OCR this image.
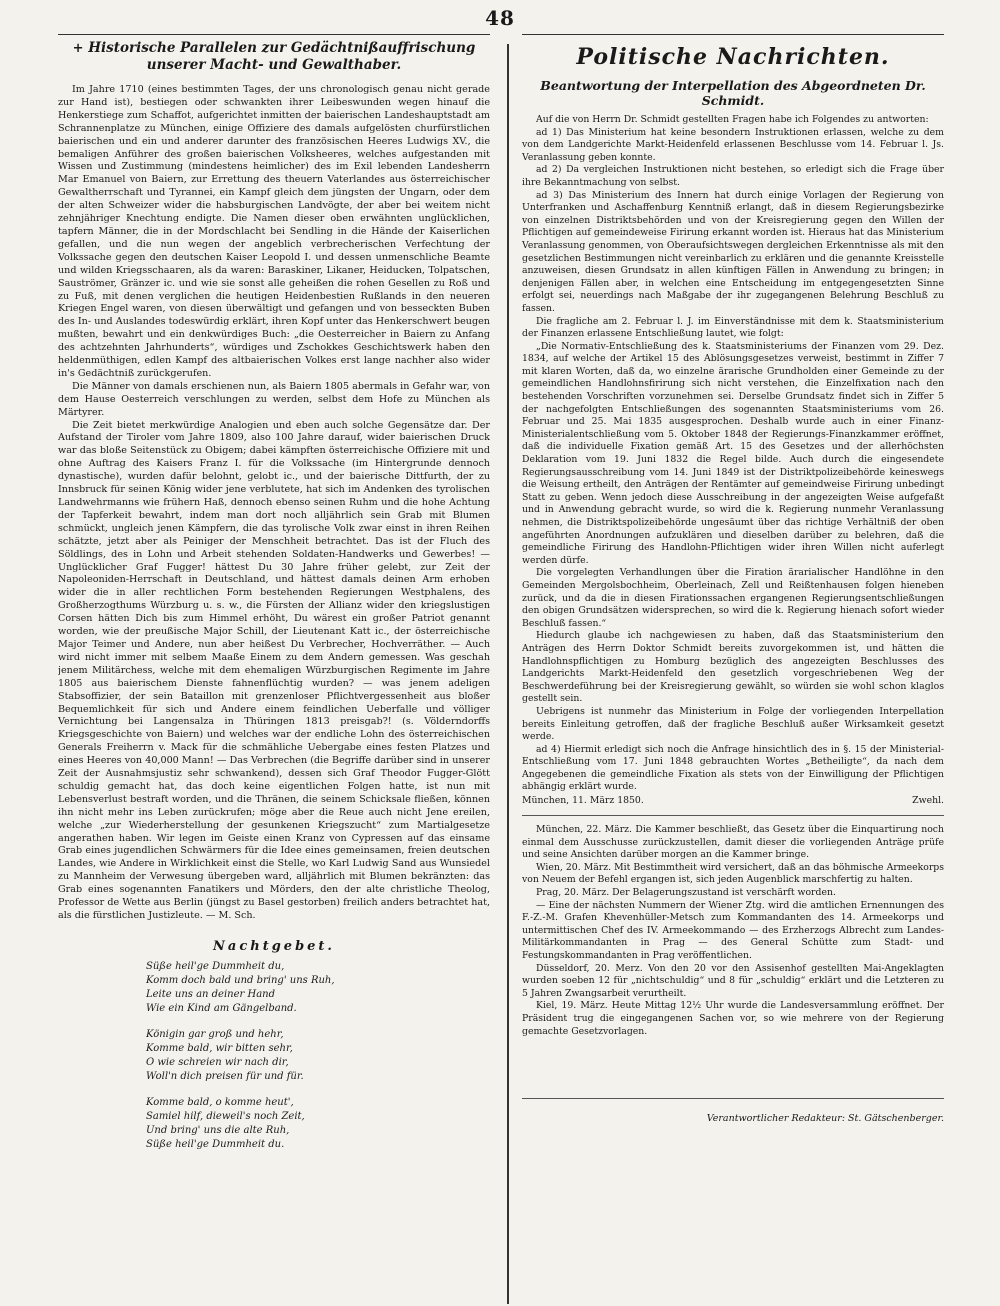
48
+ Historische Parallelen zur Gedächtnißauffrischung unserer Macht- und Gewalthaber.

Im Jahre 1710 (eines bestimmten Tages, der uns chronologisch genau nicht gerade zur Hand ist), bestiegen oder schwankten ihrer Leibeswunden wegen hinauf die Henkerstiege zum Schaffot, aufgerichtet inmitten der baierischen Landeshauptstadt am Schrannenplatze zu München, einige Offiziere des damals aufgelösten churfürstlichen baierischen und ein und anderer darunter des französischen Heeres Ludwigs XV., die bemaligen Anführer des großen baierischen Volksheeres, welches aufgestanden mit Wissen und Zustimmung (mindestens heimlicher) des im Exil lebenden Landesherrn Mar Emanuel von Baiern, zur Errettung des theuern Vaterlandes aus österreichischer Gewaltherrschaft und Tyrannei, ein Kampf gleich dem jüngsten der Ungarn, oder dem der alten Schweizer wider die habsburgischen Landvögte, der aber bei weitem nicht zehnjähriger Knechtung endigte. Die Namen dieser oben erwähnten unglücklichen, tapfern Männer, die in der Mordschlacht bei Sendling in die Hände der Kaiserlichen gefallen, und die nun wegen der angeblich verbrecherischen Verfechtung der Volkssache gegen den deutschen Kaiser Leopold I. und dessen unmenschliche Beamte und wilden Kriegsschaaren, als da waren: Baraskiner, Likaner, Heiducken, Tolpatschen, Sauströmer, Gränzer ic. und wie sie sonst alle geheißen die rohen Gesellen zu Roß und zu Fuß, mit denen verglichen die heutigen Heidenbestien Rußlands in den neueren Kriegen Engel waren, von diesen überwältigt und gefangen und von besseckten Buben des In- und Auslandes todeswürdig erklärt, ihren Kopf unter das Henkerschwert beugen mußten, bewahrt und ein denkwürdiges Buch: „die Oesterreicher in Baiern zu Anfang des achtzehnten Jahrhunderts“, würdiges und Zschokkes Geschichtswerk haben den heldenmüthigen, edlen Kampf des altbaierischen Volkes erst lange nachher also wider in's Gedächtniß zurückgerufen.

Die Männer von damals erschienen nun, als Baiern 1805 abermals in Gefahr war, von dem Hause Oesterreich verschlungen zu werden, selbst dem Hofe zu München als Märtyrer.

Die Zeit bietet merkwürdige Analogien und eben auch solche Gegensätze dar. Der Aufstand der Tiroler vom Jahre 1809, also 100 Jahre darauf, wider baierischen Druck war das bloße Seitenstück zu Obigem; dabei kämpften österreichische Offiziere mit und ohne Auftrag des Kaisers Franz I. für die Volkssache (im Hintergrunde dennoch dynastische), wurden dafür belohnt, gelobt ic., und der baierische Dittfurth, der zu Innsbruck für seinen König wider jene verblutete, hat sich im Andenken des tyrolischen Landwehrmanns wie frühern Haß, dennoch ebenso seinen Ruhm und die hohe Achtung der Tapferkeit bewahrt, indem man dort noch alljährlich sein Grab mit Blumen schmückt, ungleich jenen Kämpfern, die das tyrolische Volk zwar einst in ihren Reihen schätzte, jetzt aber als Peiniger der Menschheit betrachtet. Das ist der Fluch des Söldlings, des in Lohn und Arbeit stehenden Soldaten-Handwerks und Gewerbes! — Unglücklicher Graf Fugger! hättest Du 30 Jahre früher gelebt, zur Zeit der Napoleoniden-Herrschaft in Deutschland, und hättest damals deinen Arm erhoben wider die in aller rechtlichen Form bestehenden Regierungen Westphalens, des Großherzogthums Würzburg u. s. w., die Fürsten der Allianz wider den kriegslustigen Corsen hätten Dich bis zum Himmel erhöht, Du wärest ein großer Patriot genannt worden, wie der preußische Major Schill, der Lieutenant Katt ic., der österreichische Major Teimer und Andere, nun aber heißest Du Verbrecher, Hochverräther. — Auch wird nicht immer mit selbem Maaße Einem zu dem Andern gemessen. Was geschah jenem Militärchess, welche mit dem ehemaligen Würzburgischen Regimente im Jahre 1805 aus baierischem Dienste fahnenflüchtig wurden? — was jenem adeligen Stabsoffizier, der sein Bataillon mit grenzenloser Pflichtvergessenheit aus bloßer Bequemlichkeit für sich und Andere einem feindlichen Ueberfalle und völliger Vernichtung bei Langensalza in Thüringen 1813 preisgab?! (s. Völderndorffs Kriegsgeschichte von Baiern) und welches war der endliche Lohn des österreichischen Generals Freiherrn v. Mack für die schmähliche Uebergabe eines festen Platzes und eines Heeres von 40,000 Mann! — Das Verbrechen (die Begriffe darüber sind in unserer Zeit der Ausnahmsjustiz sehr schwankend), dessen sich Graf Theodor Fugger-Glött schuldig gemacht hat, das doch keine eigentlichen Folgen hatte, ist nun mit Lebensverlust bestraft worden, und die Thränen, die seinem Schicksale fließen, können ihn nicht mehr ins Leben zurückrufen; möge aber die Reue auch nicht Jene ereilen, welche „zur Wiederherstellung der gesunkenen Kriegszucht“ zum Martialgesetze angerathen haben. Wir legen im Geiste einen Kranz von Cypressen auf das einsame Grab eines jugendlichen Schwärmers für die Idee eines gemeinsamen, freien deutschen Landes, wie Andere in Wirklichkeit einst die Stelle, wo Karl Ludwig Sand aus Wunsiedel zu Mannheim der Verwesung übergeben ward, alljährlich mit Blumen bekränzten: das Grab eines sogenannten Fanatikers und Mörders, den der alte christliche Theolog, Professor de Wette aus Berlin (jüngst zu Basel gestorben) freilich anders betrachtet hat, als die fürstlichen Justizleute. — M. Sch.

Nachtgebet.
Süße heil'ge Dummheit du,
Komm doch bald und bring' uns Ruh,
Leite uns an deiner Hand
Wie ein Kind am Gängelband.
Königin gar groß und hehr,
Komme bald, wir bitten sehr,
O wie schreien wir nach dir,
Woll'n dich preisen für und für.
Komme bald, o komme heut',
Samiel hilf, dieweil's noch Zeit,
Und bring' uns die alte Ruh,
Süße heil'ge Dummheit du.
Politische Nachrichten.
Beantwortung der Interpellation des Abgeordneten Dr. Schmidt.

Auf die von Herrn Dr. Schmidt gestellten Fragen habe ich Folgendes zu antworten:

ad 1) Das Ministerium hat keine besondern Instruktionen erlassen, welche zu dem von dem Landgerichte Markt-Heidenfeld erlassenen Beschlusse vom 14. Februar l. Js. Veranlassung geben konnte.

ad 2) Da vergleichen Instruktionen nicht bestehen, so erledigt sich die Frage über ihre Bekanntmachung von selbst.

ad 3) Das Ministerium des Innern hat durch einige Vorlagen der Regierung von Unterfranken und Aschaffenburg Kenntniß erlangt, daß in diesem Regierungsbezirke von einzelnen Distriktsbehörden und von der Kreisregierung gegen den Willen der Pflichtigen auf gemeindeweise Firirung erkannt worden ist. Hieraus hat das Ministerium Veranlassung genommen, von Oberaufsichtswegen dergleichen Erkenntnisse als mit den gesetzlichen Bestimmungen nicht vereinbarlich zu erklären und die genannte Kreisstelle anzuweisen, diesen Grundsatz in allen künftigen Fällen in Anwendung zu bringen; in denjenigen Fällen aber, in welchen eine Entscheidung im entgegengesetzten Sinne erfolgt sei, neuerdings nach Maßgabe der ihr zugegangenen Belehrung Beschluß zu fassen.

Die fragliche am 2. Februar l. J. im Einverständnisse mit dem k. Staatsministerium der Finanzen erlassene Entschließung lautet, wie folgt:

„Die Normativ-Entschließung des k. Staatsministeriums der Finanzen vom 29. Dez. 1834, auf welche der Artikel 15 des Ablösungsgesetzes verweist, bestimmt in Ziffer 7 mit klaren Worten, daß da, wo einzelne ärarische Grundholden einer Gemeinde zu der gemeindlichen Handlohnsfirirung sich nicht verstehen, die Einzelfixation nach den bestehenden Vorschriften vorzunehmen sei. Derselbe Grundsatz findet sich in Ziffer 5 der nachgefolgten Entschließungen des sogenannten Staatsministeriums vom 26. Februar und 25. Mai 1835 ausgesprochen. Deshalb wurde auch in einer Finanz-Ministerialentschließung vom 5. Oktober 1848 der Regierungs-Finanzkammer eröffnet, daß die individuelle Fixation gemäß Art. 15 des Gesetzes und der allerhöchsten Deklaration vom 19. Juni 1832 die Regel bilde. Auch durch die eingesendete Regierungsausschreibung vom 14. Juni 1849 ist der Distriktpolizeibehörde keineswegs die Weisung ertheilt, den Anträgen der Rentämter auf gemeindweise Firirung unbedingt Statt zu geben. Wenn jedoch diese Ausschreibung in der angezeigten Weise aufgefaßt und in Anwendung gebracht wurde, so wird die k. Regierung nunmehr Veranlassung nehmen, die Distriktspolizeibehörde ungesäumt über das richtige Verhältniß der oben angeführten Anordnungen aufzuklären und dieselben darüber zu belehren, daß die gemeindliche Firirung des Handlohn-Pflichtigen wider ihren Willen nicht auferlegt werden dürfe.

Die vorgelegten Verhandlungen über die Firation ärarialischer Handlöhne in den Gemeinden Mergolsbochheim, Oberleinach, Zell und Reißtenhausen folgen hieneben zurück, und da die in diesen Firationssachen ergangenen Regierungsentschließungen den obigen Grundsätzen widersprechen, so wird die k. Regierung hienach sofort wieder Beschluß fassen.“

Hiedurch glaube ich nachgewiesen zu haben, daß das Staatsministerium den Anträgen des Herrn Doktor Schmidt bereits zuvorgekommen ist, und hätten die Handlohnspflichtigen zu Homburg bezüglich des angezeigten Beschlusses des Landgerichts Markt-Heidenfeld den gesetzlich vorgeschriebenen Weg der Beschwerdeführung bei der Kreisregierung gewählt, so würden sie wohl schon klaglos gestellt sein.

Uebrigens ist nunmehr das Ministerium in Folge der vorliegenden Interpellation bereits Einleitung getroffen, daß der fragliche Beschluß außer Wirksamkeit gesetzt werde.

ad 4) Hiermit erledigt sich noch die Anfrage hinsichtlich des in §. 15 der Ministerial-Entschließung vom 17. Juni 1848 gebrauchten Wortes „Betheiligte“, da nach dem Angegebenen die gemeindliche Fixation als stets von der Einwilligung der Pflichtigen abhängig erklärt wurde.

München, 11. März 1850.	Zwehl.

München, 22. März. Die Kammer beschließt, das Gesetz über die Einquartirung noch einmal dem Ausschusse zurückzustellen, damit dieser die vorliegenden Anträge prüfe und seine Ansichten darüber morgen an die Kammer bringe.

Wien, 20. März. Mit Bestimmtheit wird versichert, daß an das böhmische Armeekorps von Neuem der Befehl ergangen ist, sich jeden Augenblick marschfertig zu halten.

Prag, 20. März. Der Belagerungszustand ist verschärft worden.

— Eine der nächsten Nummern der Wiener Ztg. wird die amtlichen Ernennungen des F.-Z.-M. Grafen Khevenhüller-Metsch zum Kommandanten des 14. Armeekorps und untermittischen Chef des IV. Armeekommando — des Erzherzogs Albrecht zum Landes-Militärkommandanten in Prag — des General Schütte zum Stadt- und Festungskommandanten in Prag veröffentlichen.

Düsseldorf, 20. Merz. Von den 20 vor den Assisenhof gestellten Mai-Angeklagten wurden soeben 12 für „nichtschuldig“ und 8 für „schuldig“ erklärt und die Letzteren zu 5 Jahren Zwangsarbeit verurtheilt.

Kiel, 19. März. Heute Mittag 12½ Uhr wurde die Landesversammlung eröffnet. Der Präsident trug die eingegangenen Sachen vor, so wie mehrere von der Regierung gemachte Gesetzvorlagen.

Verantwortlicher Redakteur: St. Gätschenberger.
